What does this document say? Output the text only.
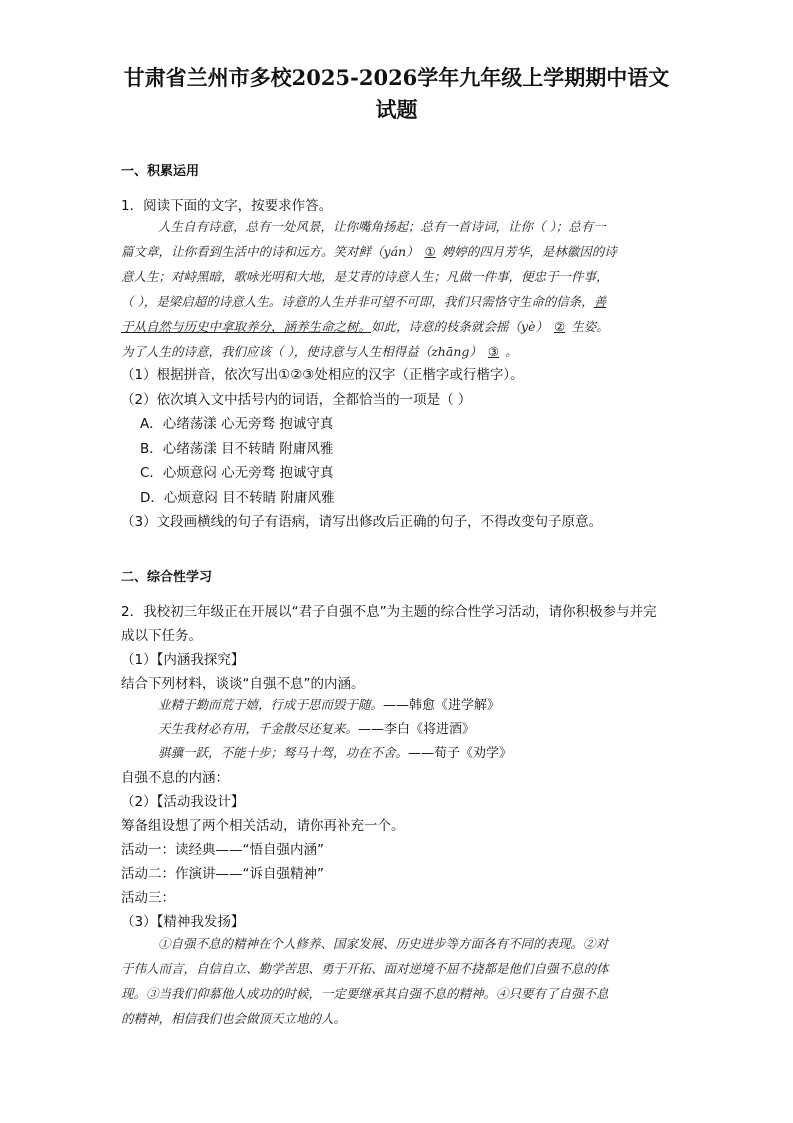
甘肃省兰州市多校2025-2026学年九年级上学期期中语文
试题
一、积累运用
1．阅读下面的文字，按要求作答。
人生自有诗意，总有一处风景，让你嘴角扬起；总有一首诗词，让你（ ）；总有一
篇文章，让你看到生活中的诗和远方。笑对鲜（yán） ① 娉婷的四月芳华，是林徽因的诗
意人生；对峙黑暗，歌咏光明和大地，是艾青的诗意人生；凡做一件事，便忠于一件事，
（ ），是梁启超的诗意人生。诗意的人生并非可望不可即，我们只需恪守生命的信条，善
于从自然与历史中拿取养分，涵养生命之树。如此，诗意的枝条就会摇（yè） ② 生姿。
为了人生的诗意，我们应该（ ），使诗意与人生相得益（zhāng） ③ 。
（1）根据拼音，依次写出①②③处相应的汉字（正楷字或行楷字）。
（2）依次填入文中括号内的词语，全都恰当的一项是（ ）
A．心绪荡漾 心无旁骛 抱诚守真
B．心绪荡漾 目不转睛 附庸风雅
C．心烦意闷 心无旁骛 抱诚守真
D．心烦意闷 目不转睛 附庸风雅
（3）文段画横线的句子有语病，请写出修改后正确的句子，不得改变句子原意。
二、综合性学习
2．我校初三年级正在开展以“君子自强不息”为主题的综合性学习活动，请你积极参与并完
成以下任务。
（1）【内涵我探究】
结合下列材料，谈谈“自强不息”的内涵。
业精于勤而荒于嬉，行成于思而毁于随。——韩愈《进学解》
天生我材必有用，千金散尽还复来。——李白《将进酒》
骐骥一跃，不能十步；驽马十驾，功在不舍。——荀子《劝学》
自强不息的内涵：
（2）【活动我设计】
筹备组设想了两个相关活动，请你再补充一个。
活动一：读经典——“悟自强内涵”
活动二：作演讲——“诉自强精神”
活动三：
（3）【精神我发扬】
①自强不息的精神在个人修养、国家发展、历史进步等方面各有不同的表现。②对
于伟人而言，自信自立、勤学苦思、勇于开拓、面对逆境不屈不挠都是他们自强不息的体
现。③当我们仰慕他人成功的时候，一定要继承其自强不息的精神。④只要有了自强不息
的精神，相信我们也会做顶天立地的人。
